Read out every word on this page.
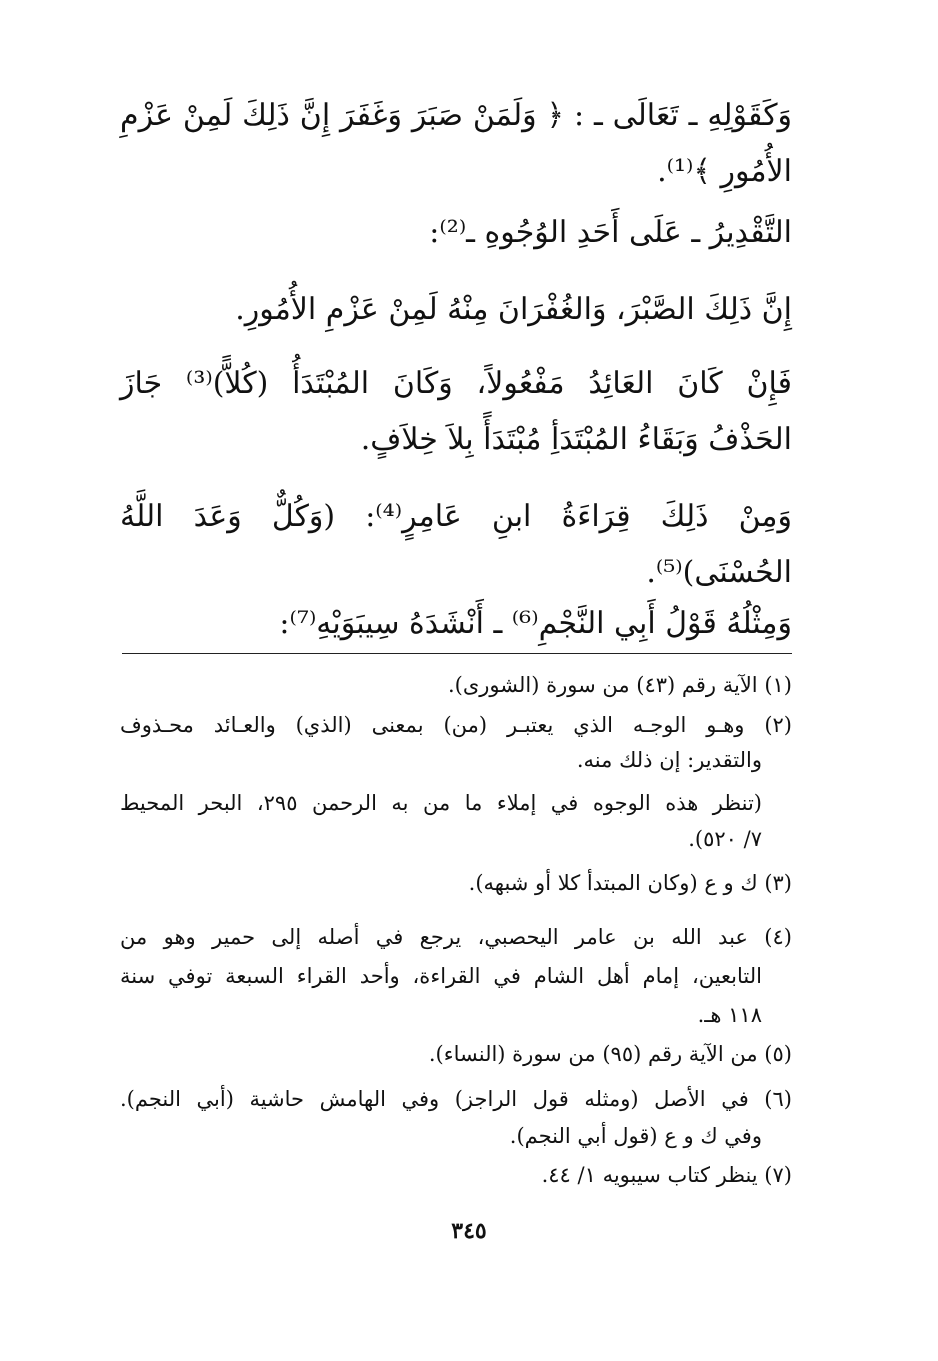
وَكَقَوْلِهِ ـ تَعَالَى ـ : ﴿ وَلَمَنْ صَبَرَ وَغَفَرَ إِنَّ ذَلِكَ لَمِنْ عَزْمِ
الأُمُورِ ﴾⁽¹⁾.
التَّقْدِيرُ ـ عَلَى أَحَدِ الوُجُوهِ ـ⁽²⁾:
إِنَّ ذَلِكَ الصَّبْرَ، وَالغُفْرَانَ مِنْهُ لَمِنْ عَزْمِ الأُمُورِ.
فَإِنْ كَانَ العَائِدُ مَفْعُولاً، وَكَانَ المُبْتَدَأُ (كُلاًّ)⁽³⁾ جَازَ
الحَذْفُ وَبَقَاءُ المُبْتَدَأِ مُبْتَدَأً بِلاَ خِلاَفٍ.
وَمِنْ ذَلِكَ قِرَاءَةُ ابنِ عَامِرٍ⁽⁴⁾: (وَكُلٌّ وَعَدَ اللَّهُ
الحُسْنَى)⁽⁵⁾.
وَمِثْلُهُ قَوْلُ أَبِي النَّجْمِ⁽⁶⁾ ـ أَنْشَدَهُ سِيبَوَيْهِ⁽⁷⁾:
(١) الآية رقم (٤٣) من سورة (الشورى).
(٢) وهـو الوجـه الذي يعتبـر (من) بمعنى (الذي) والعـائد محـذوف
والتقدير: إن ذلك منه.
(تنظر هذه الوجوه في إملاء ما من به الرحمن ٢٩٥، البحر المحيط
٧/ ٥٢٠).
(٣) ك و ع (وكان المبتدأ كلا أو شبهه).
(٤) عبد الله بن عامر اليحصبي، يرجع في أصله إلى حمير وهو من
التابعين، إمام أهل الشام في القراءة، وأحد القراء السبعة توفي سنة
١١٨ هـ.
(٥) من الآية رقم (٩٥) من سورة (النساء).
(٦) في الأصل (ومثله قول الراجز) وفي الهامش حاشية (أبي النجم).
وفي ك و ع (قول أبي النجم).
(٧) ينظر كتاب سيبويه ١/ ٤٤.
٣٤٥
